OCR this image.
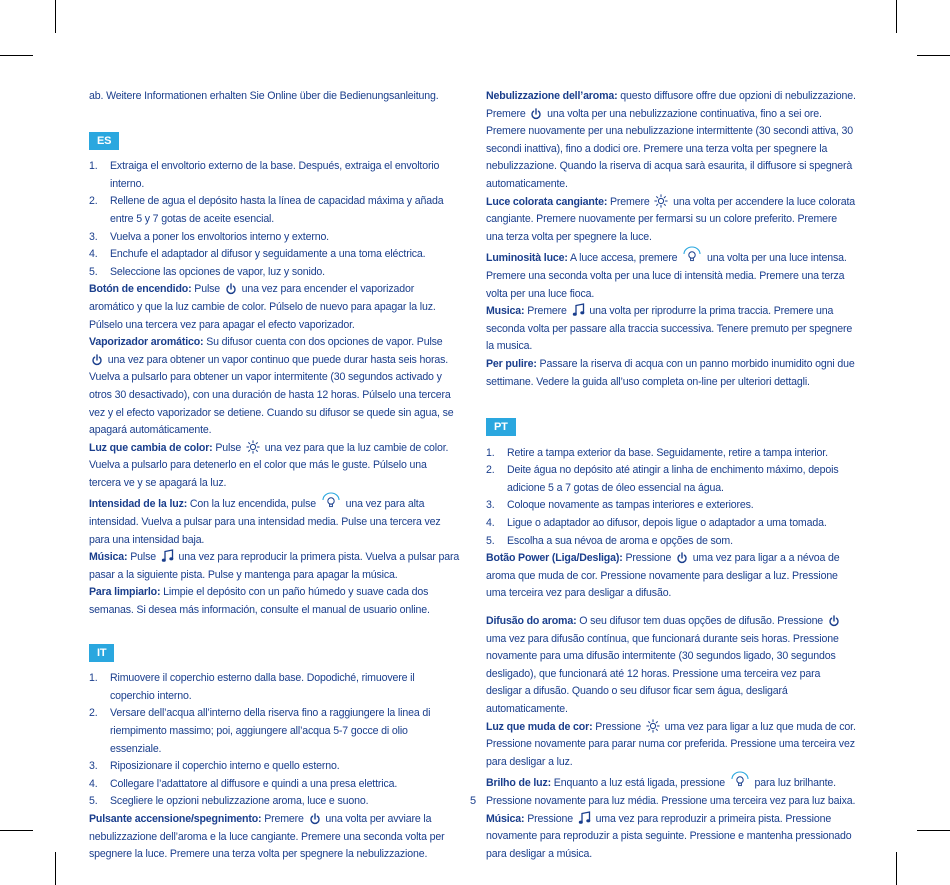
ab. Weitere Informationen erhalten Sie Online über die Bedienungsanleitung.

ES
1. Extraiga el envoltorio externo de la base. Después, extraiga el envoltorio interno.
2. Rellene de agua el depósito hasta la línea de capacidad máxima y añada entre 5 y 7 gotas de aceite esencial.
3. Vuelva a poner los envoltorios interno y externo.
4. Enchufe el adaptador al difusor y seguidamente a una toma eléctrica.
5. Seleccione las opciones de vapor, luz y sonido.

Botón de encendido: Pulse una vez para encender el vaporizador aromático y que la luz cambie de color. Púlselo de nuevo para apagar la luz. Púlselo una tercera vez para apagar el efecto vaporizador.

Vaporizador aromático: Su difusor cuenta con dos opciones de vapor. Pulse  una vez para obtener un vapor continuo que puede durar hasta seis horas. Vuelva a pulsarlo para obtener un vapor intermitente (30 segundos activado y otros 30 desactivado), con una duración de hasta 12 horas. Púlselo una tercera vez y el efecto vaporizador se detiene. Cuando su difusor se quede sin agua, se apagará automáticamente.

Luz que cambia de color: Pulse una vez para que la luz cambie de color. Vuelva a pulsarlo para detenerlo en el color que más le guste. Púlselo una tercera ve y se apagará la luz.

Intensidad de la luz: Con la luz encendida, pulse	una vez para alta intensidad. Vuelva a pulsar para una intensidad media. Pulse una tercera vez para una intensidad baja.

Música: Pulse una vez para reproducir la primera pista. Vuelva a pulsar para pasar a la siguiente pista. Pulse y mantenga para apagar la música.

Para limpiarlo: Limpie el depósito con un paño húmedo y suave cada dos semanas. Si desea más información, consulte el manual de usuario online.

IT
1. Rimuovere il coperchio esterno dalla base. Dopodiché, rimuovere il coperchio interno.
2. Versare dell’acqua all’interno della riserva fino a raggiungere la linea di riempimento massimo; poi, aggiungere all’acqua 5-7 gocce di olio essenziale.
3. Riposizionare il coperchio interno e quello esterno.
4. Collegare l’adattatore al diffusore e quindi a una presa elettrica.
5. Scegliere le opzioni nebulizzazione aroma, luce e suono.

Pulsante accensione/spegnimento: Premere una volta per avviare la nebulizzazione dell’aroma e la luce cangiante. Premere una seconda volta per spegnere la luce. Premere una terza volta per spegnere la nebulizzazione.

Nebulizzazione dell’aroma: questo diffusore offre due opzioni di nebulizzazione. Premere una volta per una nebulizzazione continuativa, fino a sei ore. Premere nuovamente per una nebulizzazione intermittente (30 secondi attiva, 30 secondi inattiva), fino a dodici ore. Premere una terza volta per spegnere la nebulizzazione. Quando la riserva di acqua sarà esaurita, il diffusore si spegnerà automaticamente.

Luce colorata cangiante: Premere una volta per accendere la luce colorata cangiante. Premere nuovamente per fermarsi su un colore preferito. Premere una terza volta per spegnere la luce.

Luminosità luce: A luce accesa, premere	una volta per una luce intensa. Premere una seconda volta per una luce di intensità media. Premere una terza volta per una luce fioca.

Musica: Premere una volta per riprodurre la prima traccia. Premere una seconda volta per passare alla traccia successiva. Tenere premuto per spegnere la musica.

Per pulire: Passare la riserva di acqua con un panno morbido inumidito ogni due settimane. Vedere la guida all’uso completa on-line per ulteriori dettagli.

PT
1. Retire a tampa exterior da base. Seguidamente, retire a tampa interior.
2. Deite água no depósito até atingir a linha de enchimento máximo, depois adicione 5 a 7 gotas de óleo essencial na água.
3. Coloque novamente as tampas interiores e exteriores.
4. Ligue o adaptador ao difusor, depois ligue o adaptador a uma tomada.
5. Escolha a sua névoa de aroma e opções de som.

Botão Power (Liga/Desliga): Pressione uma vez para ligar a a névoa de aroma que muda de cor. Pressione novamente para desligar a luz. Pressione uma terceira vez para desligar a difusão.

Difusão do aroma: O seu difusor tem duas opções de difusão. Pressione  uma vez para difusão contínua, que funcionará durante seis horas. Pressione novamente para uma difusão intermitente (30 segundos ligado, 30 segundos desligado), que funcionará até 12 horas. Pressione uma terceira vez para desligar a difusão. Quando o seu difusor ficar sem água, desligará automaticamente.

Luz que muda de cor: Pressione uma vez para ligar a luz que muda de cor. Pressione novamente para parar numa cor preferida. Pressione uma terceira vez para desligar a luz.

Brilho de luz: Enquanto a luz está ligada, pressione	para luz brilhante. Pressione novamente para luz média. Pressione uma terceira vez para luz baixa.

Música: Pressione uma vez para reproduzir a primeira pista. Pressione novamente para reproduzir a pista seguinte. Pressione e mantenha pressionado para desligar a música.

5
